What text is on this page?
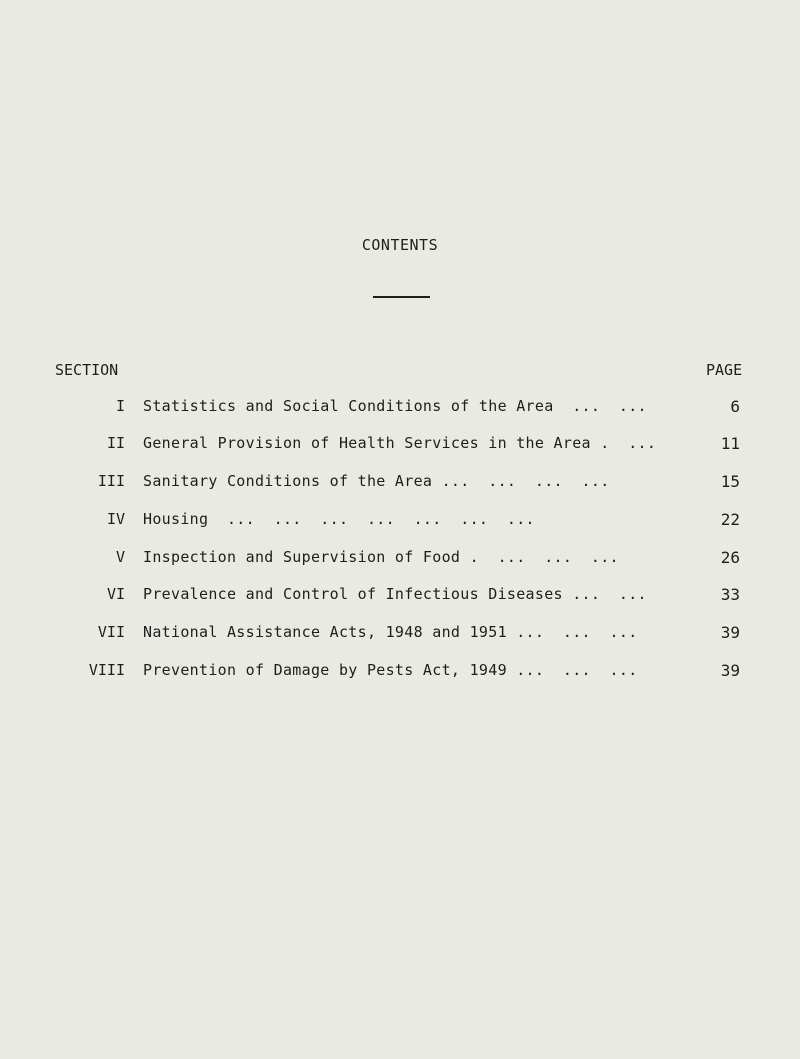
CONTENTS
SECTION	PAGE
I Statistics and Social Conditions of the Area  ...  ...	6
II General Provision of Health Services in the Area .  ...	11
III Sanitary Conditions of the Area ...  ...  ...  ...	15
IV Housing  ...  ...  ...  ...  ...  ...  ...	22
V Inspection and Supervision of Food .  ...  ...  ...	26
VI Prevalence and Control of Infectious Diseases ...  ...	33
VII National Assistance Acts, 1948 and 1951 ...  ...  ...	39
VIII Prevention of Damage by Pests Act, 1949 ...  ...  ...	39
